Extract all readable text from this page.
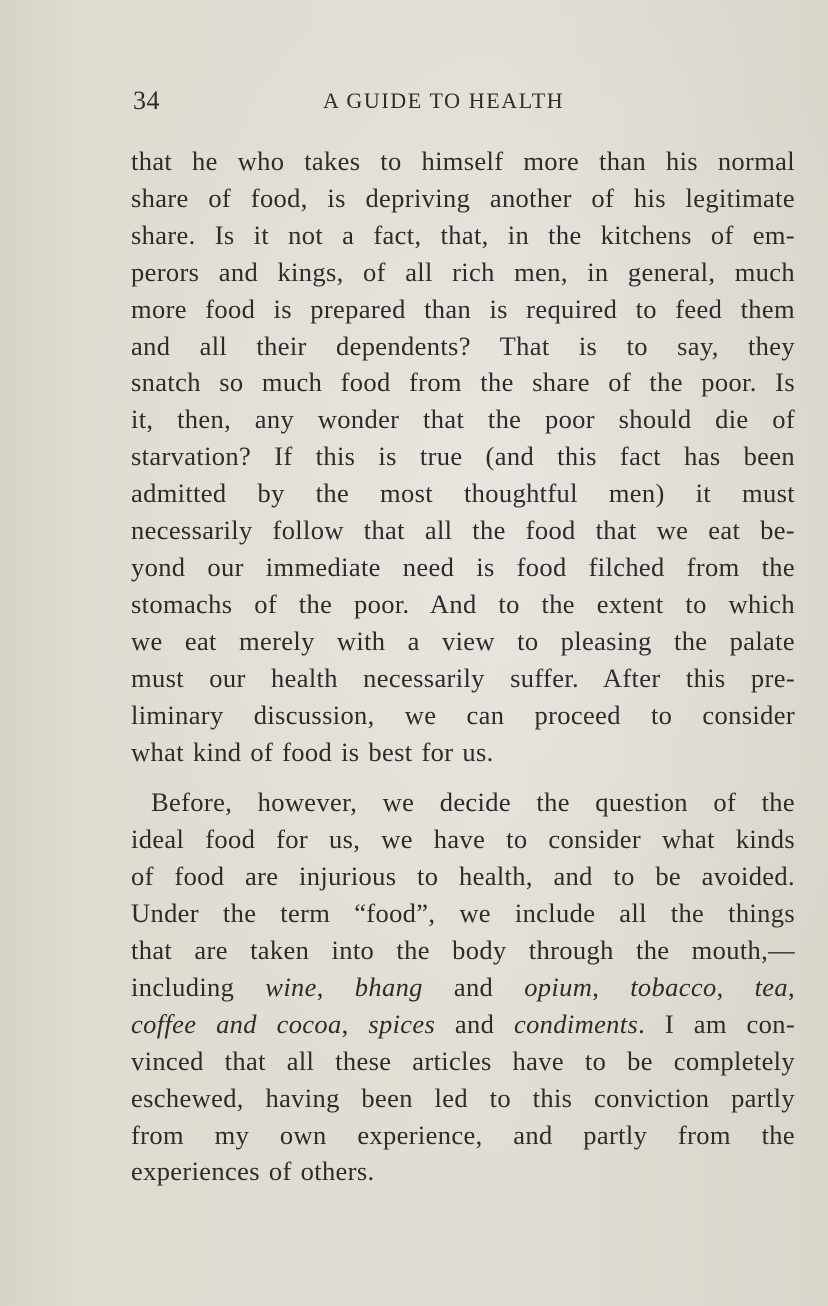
34	A GUIDE TO HEALTH

that he who takes to himself more than his normal
share of food, is depriving another of his legitimate
share. Is it not a fact, that, in the kitchens of em-
perors and kings, of all rich men, in general, much
more food is prepared than is required to feed them
and all their dependents? That is to say, they
snatch so much food from the share of the poor. Is
it, then, any wonder that the poor should die of
starvation? If this is true (and this fact has been
admitted by the most thoughtful men) it must
necessarily follow that all the food that we eat be-
yond our immediate need is food filched from the
stomachs of the poor. And to the extent to which
we eat merely with a view to pleasing the palate
must our health necessarily suffer. After this pre-
liminary discussion, we can proceed to consider
what kind of food is best for us.

Before, however, we decide the question of the
ideal food for us, we have to consider what kinds
of food are injurious to health, and to be avoided.
Under the term “food”, we include all the things
that are taken into the body through the mouth,—
including wine, bhang and opium, tobacco, tea,
coffee and cocoa, spices and condiments. I am con-
vinced that all these articles have to be completely
eschewed, having been led to this conviction partly
from my own experience, and partly from the
experiences of others.
